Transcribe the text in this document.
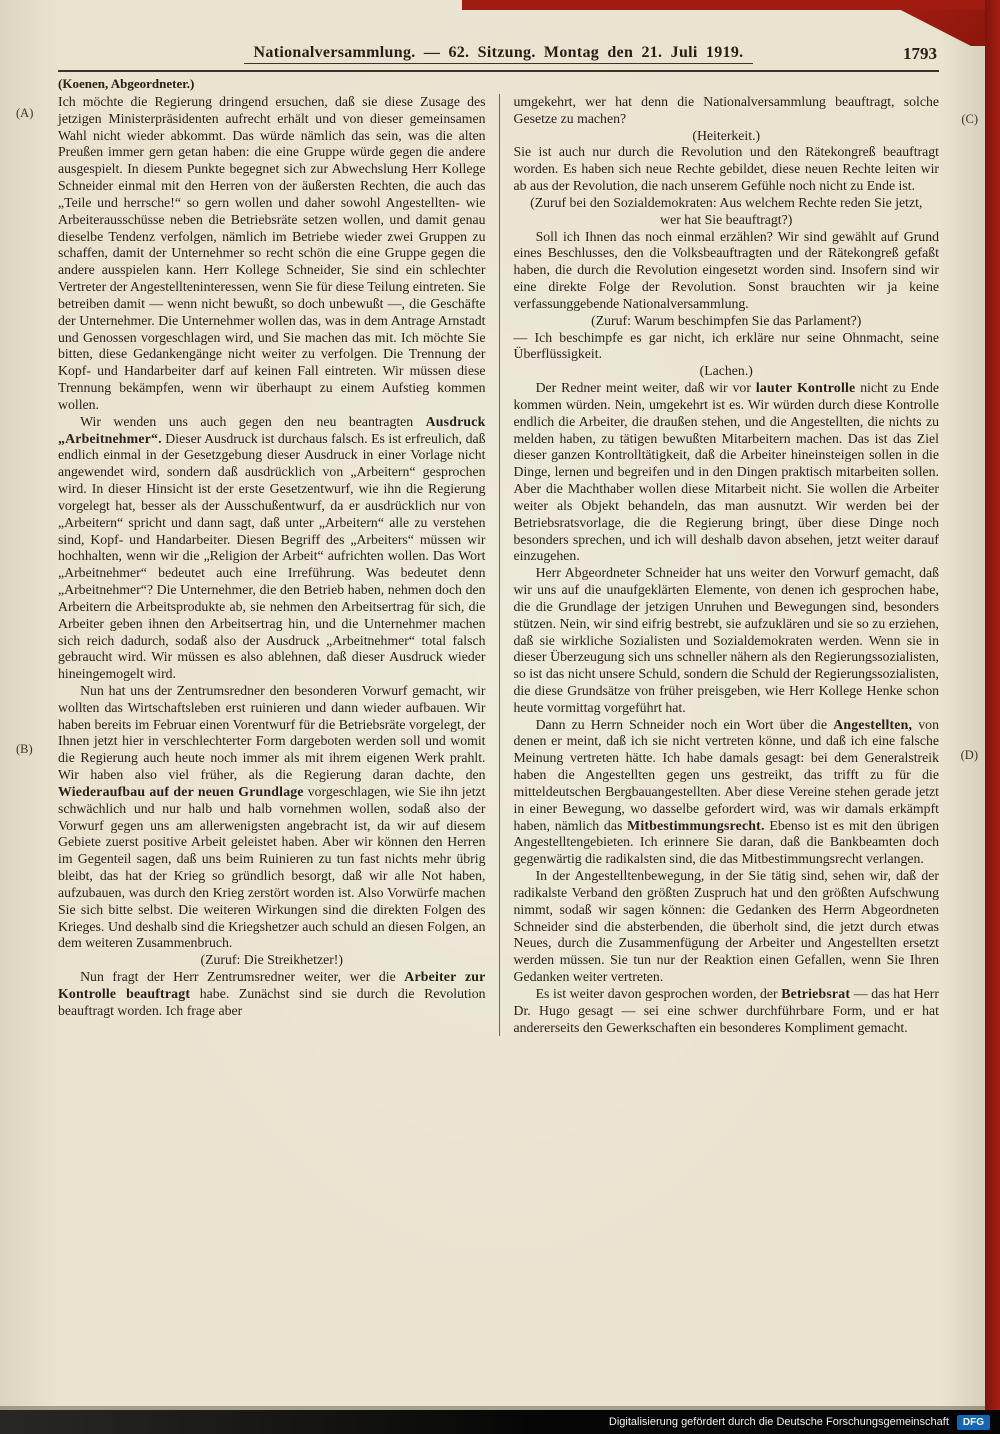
(A)
(B)
(C)
(D)
Nationalversammlung. — 62. Sitzung. Montag den 21. Juli 1919.	1793
(Koenen, Abgeordneter.)

Ich möchte die Regierung dringend ersuchen, daß sie diese Zusage des jetzigen Ministerpräsidenten aufrecht erhält und von dieser gemeinsamen Wahl nicht wieder abkommt. Das würde nämlich das sein, was die alten Preußen immer gern getan haben: die eine Gruppe würde gegen die andere ausgespielt. In diesem Punkte begegnet sich zur Abwechslung Herr Kollege Schneider einmal mit den Herren von der äußersten Rechten, die auch das „Teile und herrsche!“ so gern wollen und daher sowohl Angestellten- wie Arbeiterausschüsse neben die Betriebsräte setzen wollen, und damit genau dieselbe Tendenz verfolgen, nämlich im Betriebe wieder zwei Gruppen zu schaffen, damit der Unternehmer so recht schön die eine Gruppe gegen die andere ausspielen kann. Herr Kollege Schneider, Sie sind ein schlechter Vertreter der Angestellteninteressen, wenn Sie für diese Teilung eintreten. Sie betreiben damit — wenn nicht bewußt, so doch unbewußt —, die Geschäfte der Unternehmer. Die Unternehmer wollen das, was in dem Antrage Arnstadt und Genossen vorgeschlagen wird, und Sie machen das mit. Ich möchte Sie bitten, diese Gedankengänge nicht weiter zu verfolgen. Die Trennung der Kopf- und Handarbeiter darf auf keinen Fall eintreten. Wir müssen diese Trennung bekämpfen, wenn wir überhaupt zu einem Aufstieg kommen wollen.

Wir wenden uns auch gegen den neu beantragten Ausdruck „Arbeitnehmer“. Dieser Ausdruck ist durchaus falsch. Es ist erfreulich, daß endlich einmal in der Gesetzgebung dieser Ausdruck in einer Vorlage nicht angewendet wird, sondern daß ausdrücklich von „Arbeitern“ gesprochen wird. In dieser Hinsicht ist der erste Gesetzentwurf, wie ihn die Regierung vorgelegt hat, besser als der Ausschußentwurf, da er ausdrücklich nur von „Arbeitern“ spricht und dann sagt, daß unter „Arbeitern“ alle zu verstehen sind, Kopf- und Handarbeiter. Diesen Begriff des „Arbeiters“ müssen wir hochhalten, wenn wir die „Religion der Arbeit“ aufrichten wollen. Das Wort „Arbeitnehmer“ bedeutet auch eine Irreführung. Was bedeutet denn „Arbeitnehmer“? Die Unternehmer, die den Betrieb haben, nehmen doch den Arbeitern die Arbeitsprodukte ab, sie nehmen den Arbeitsertrag für sich, die Arbeiter geben ihnen den Arbeitsertrag hin, und die Unternehmer machen sich reich dadurch, sodaß also der Ausdruck „Arbeitnehmer“ total falsch gebraucht wird. Wir müssen es also ablehnen, daß dieser Ausdruck wieder hineingemogelt wird.

Nun hat uns der Zentrumsredner den besonderen Vorwurf gemacht, wir wollten das Wirtschaftsleben erst ruinieren und dann wieder aufbauen. Wir haben bereits im Februar einen Vorentwurf für die Betriebsräte vorgelegt, der Ihnen jetzt hier in verschlechterter Form dargeboten werden soll und womit die Regierung auch heute noch immer als mit ihrem eigenen Werk prahlt. Wir haben also viel früher, als die Regierung daran dachte, den Wiederaufbau auf der neuen Grundlage vorgeschlagen, wie Sie ihn jetzt schwächlich und nur halb und halb vornehmen wollen, sodaß also der Vorwurf gegen uns am allerwenigsten angebracht ist, da wir auf diesem Gebiete zuerst positive Arbeit geleistet haben. Aber wir können den Herren im Gegenteil sagen, daß uns beim Ruinieren zu tun fast nichts mehr übrig bleibt, das hat der Krieg so gründlich besorgt, daß wir alle Not haben, aufzubauen, was durch den Krieg zerstört worden ist. Also Vorwürfe machen Sie sich bitte selbst. Die weiteren Wirkungen sind die direkten Folgen des Krieges. Und deshalb sind die Kriegshetzer auch schuld an diesen Folgen, an dem weiteren Zusammenbruch.

(Zuruf: Die Streikhetzer!)

Nun fragt der Herr Zentrumsredner weiter, wer die Arbeiter zur Kontrolle beauftragt habe. Zunächst sind sie durch die Revolution beauftragt worden. Ich frage aber

umgekehrt, wer hat denn die Nationalversammlung beauftragt, solche Gesetze zu machen?

(Heiterkeit.)

Sie ist auch nur durch die Revolution und den Rätekongreß beauftragt worden. Es haben sich neue Rechte gebildet, diese neuen Rechte leiten wir ab aus der Revolution, die nach unserem Gefühle noch nicht zu Ende ist.

(Zuruf bei den Sozialdemokraten: Aus welchem Rechte reden Sie jetzt, wer hat Sie beauftragt?)

Soll ich Ihnen das noch einmal erzählen? Wir sind gewählt auf Grund eines Beschlusses, den die Volksbeauftragten und der Rätekongreß gefaßt haben, die durch die Revolution eingesetzt worden sind. Insofern sind wir eine direkte Folge der Revolution. Sonst brauchten wir ja keine verfassunggebende Nationalversammlung.

(Zuruf: Warum beschimpfen Sie das Parlament?)

— Ich beschimpfe es gar nicht, ich erkläre nur seine Ohnmacht, seine Überflüssigkeit.

(Lachen.)

Der Redner meint weiter, daß wir vor lauter Kontrolle nicht zu Ende kommen würden. Nein, umgekehrt ist es. Wir würden durch diese Kontrolle endlich die Arbeiter, die draußen stehen, und die Angestellten, die nichts zu melden haben, zu tätigen bewußten Mitarbeitern machen. Das ist das Ziel dieser ganzen Kontrolltätigkeit, daß die Arbeiter hineinsteigen sollen in die Dinge, lernen und begreifen und in den Dingen praktisch mitarbeiten sollen. Aber die Machthaber wollen diese Mitarbeit nicht. Sie wollen die Arbeiter weiter als Objekt behandeln, das man ausnutzt. Wir werden bei der Betriebsratsvorlage, die die Regierung bringt, über diese Dinge noch besonders sprechen, und ich will deshalb davon absehen, jetzt weiter darauf einzugehen.

Herr Abgeordneter Schneider hat uns weiter den Vorwurf gemacht, daß wir uns auf die unaufgeklärten Elemente, von denen ich gesprochen habe, die die Grundlage der jetzigen Unruhen und Bewegungen sind, besonders stützen. Nein, wir sind eifrig bestrebt, sie aufzuklären und sie so zu erziehen, daß sie wirkliche Sozialisten und Sozialdemokraten werden. Wenn sie in dieser Überzeugung sich uns schneller nähern als den Regierungssozialisten, so ist das nicht unsere Schuld, sondern die Schuld der Regierungssozialisten, die diese Grundsätze von früher preisgeben, wie Herr Kollege Henke schon heute vormittag vorgeführt hat.

Dann zu Herrn Schneider noch ein Wort über die Angestellten, von denen er meint, daß ich sie nicht vertreten könne, und daß ich eine falsche Meinung vertreten hätte. Ich habe damals gesagt: bei dem Generalstreik haben die Angestellten gegen uns gestreikt, das trifft zu für die mitteldeutschen Bergbauangestellten. Aber diese Vereine stehen gerade jetzt in einer Bewegung, wo dasselbe gefordert wird, was wir damals erkämpft haben, nämlich das Mitbestimmungsrecht. Ebenso ist es mit den übrigen Angestelltengebieten. Ich erinnere Sie daran, daß die Bankbeamten doch gegenwärtig die radikalsten sind, die das Mitbestimmungsrecht verlangen.

In der Angestelltenbewegung, in der Sie tätig sind, sehen wir, daß der radikalste Verband den größten Zuspruch hat und den größten Aufschwung nimmt, sodaß wir sagen können: die Gedanken des Herrn Abgeordneten Schneider sind die absterbenden, die überholt sind, die jetzt durch etwas Neues, durch die Zusammenfügung der Arbeiter und Angestellten ersetzt werden müssen. Sie tun nur der Reaktion einen Gefallen, wenn Sie Ihren Gedanken weiter vertreten.

Es ist weiter davon gesprochen worden, der Betriebsrat — das hat Herr Dr. Hugo gesagt — sei eine schwer durchführbare Form, und er hat andererseits den Gewerkschaften ein besonderes Kompliment gemacht.

Digitalisierung gefördert durch die Deutsche Forschungsgemeinschaft	DFG
